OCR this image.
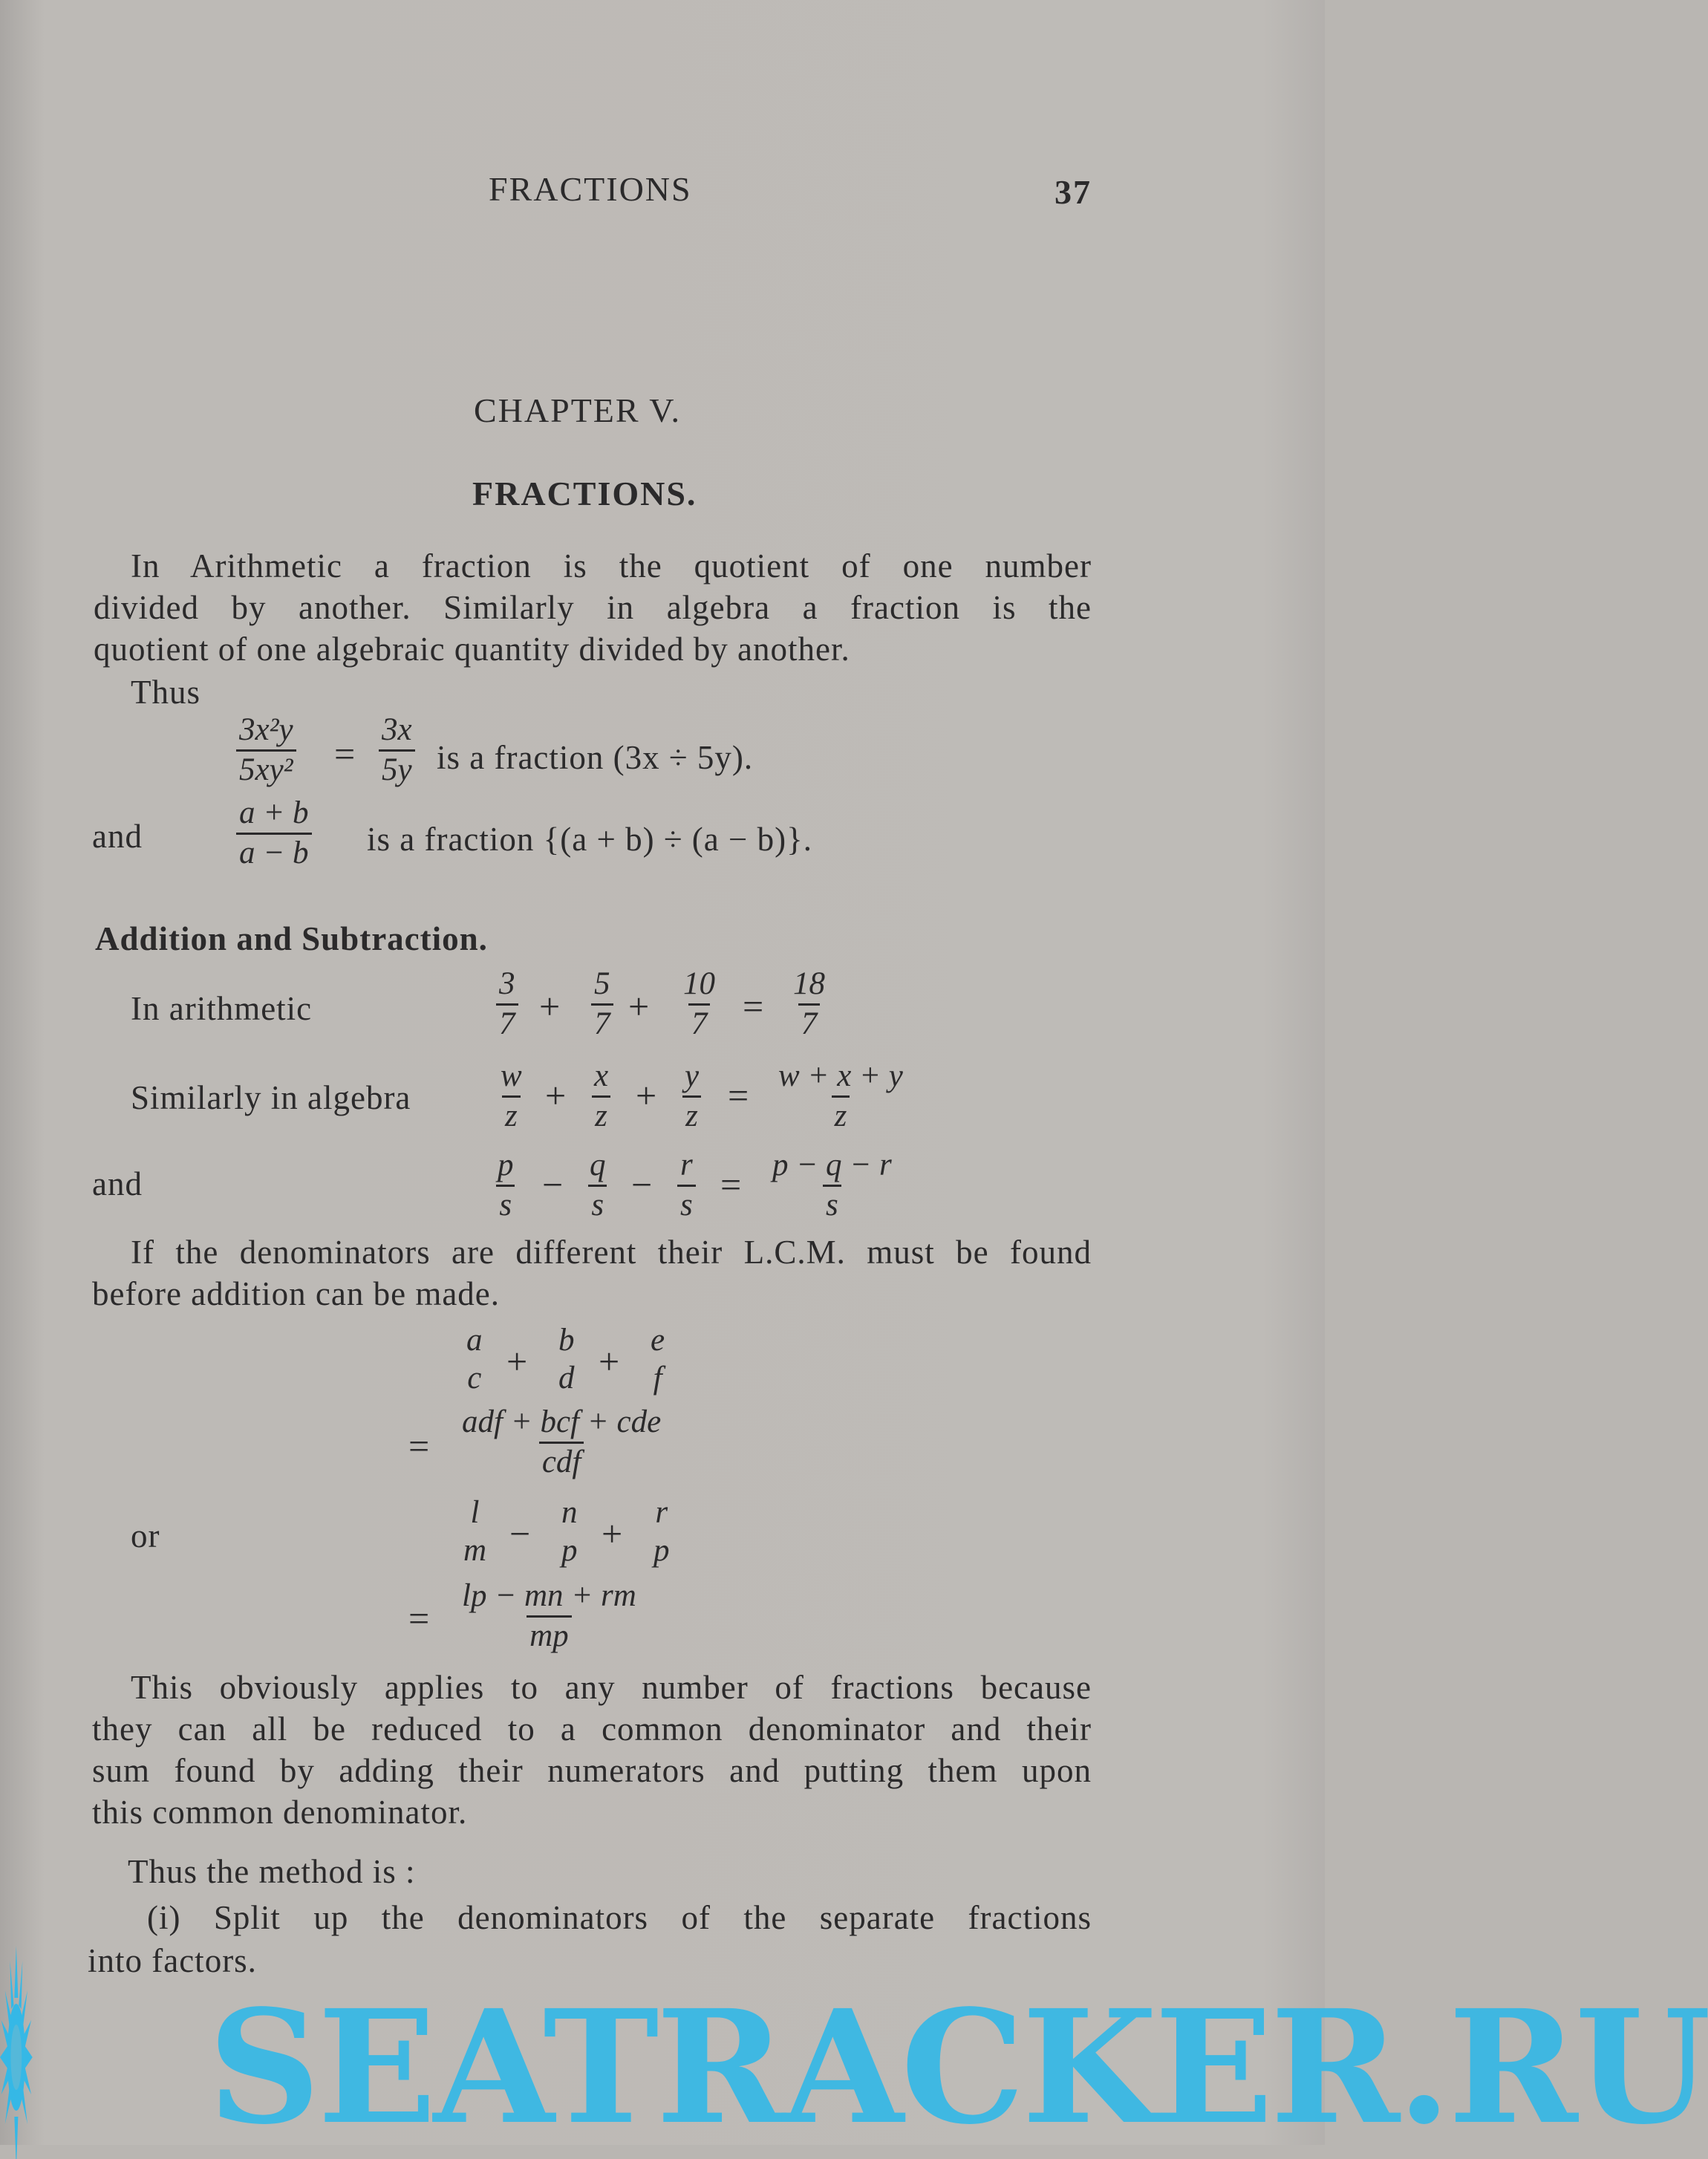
FRACTIONS	37
CHAPTER V.
FRACTIONS.
In Arithmetic a fraction is the quotient of one number
divided by another. Similarly in algebra a fraction is the
quotient of one algebraic quantity divided by another.
Thus
$\frac{\text{3x²y}}{\text{5xy²}} = \frac{3x}{5y}$ is a fraction (3x ÷ 5y).
and	$\frac{a + b}{a - b}$ is a fraction {(a + b) ÷ (a − b)}.
Addition and Subtraction.
In arithmetic	$\frac{3}{7} + \frac{5}{7} + \frac{10}{7} = \frac{18}{7}$
Similarly in algebra	$\frac{w}{z} + \frac{x}{z} + \frac{y}{z} = \frac{w + x + y}{z}$
and	$\frac{p}{s} - \frac{q}{s} - \frac{r}{s} = \frac{p - q - r}{s}$
If the denominators are different their L.C.M. must be found
before addition can be made.
a
c +
b
d +
e
f
=
adf + bcf + cde
cdf
or
l
m −
n
p +
r
p
= $\frac{lp - mn + rm}{mp}$
This obviously applies to any number of fractions because
they can all be reduced to a common denominator and their
sum found by adding their numerators and putting them upon
this common denominator.
Thus the method is :
(i) Split up the denominators of the separate fractions
into factors.
SEATRACKER.RU
